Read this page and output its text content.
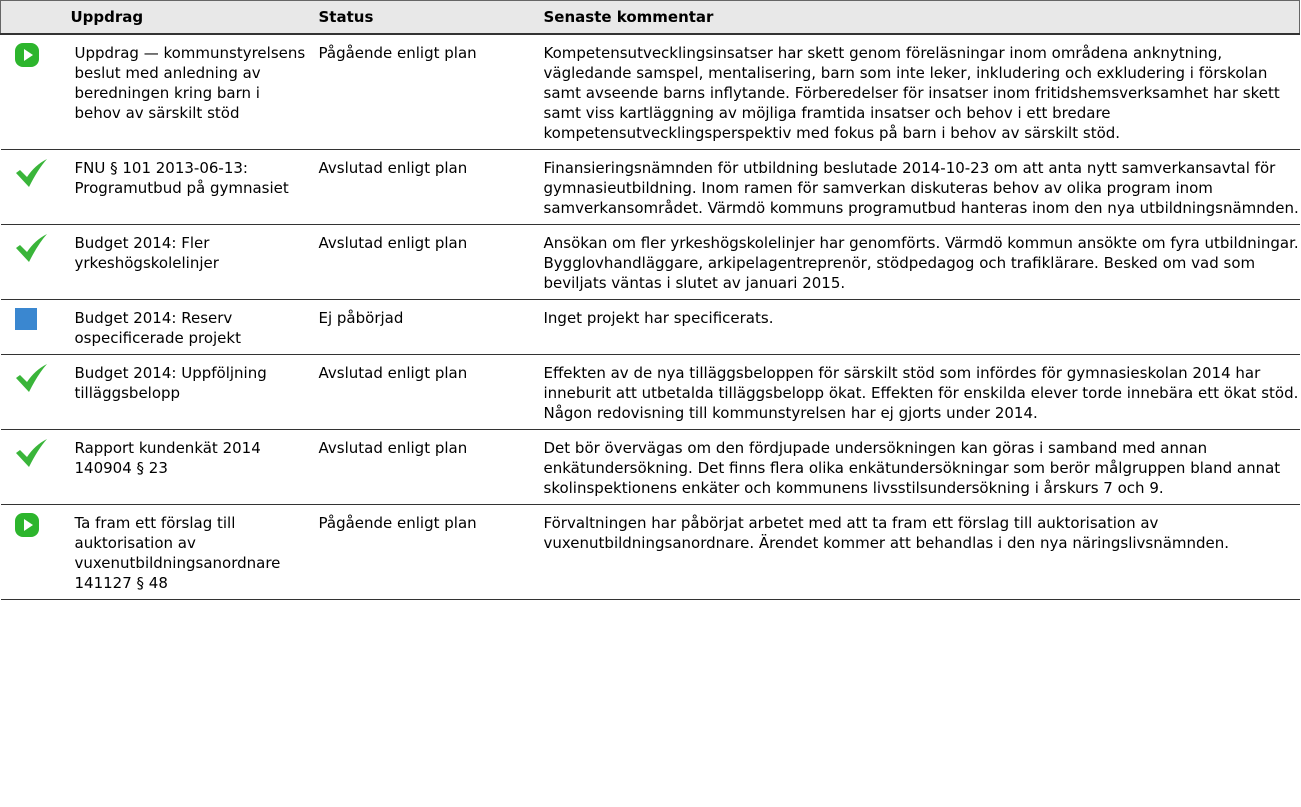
	Uppdrag	Status	Senaste kommentar

	Uppdrag — kommunstyrelsens beslut med anledning av beredningen kring barn i behov av särskilt stöd	Pågående enligt plan	Kompetensutvecklingsinsatser har skett genom föreläsningar inom områdena anknytning, vägledande samspel, mentalisering, barn som inte leker, inkludering och exkludering i förskolan samt avseende barns inflytande. Förberedelser för insatser inom fritidshemsverksamhet har skett samt viss kartläggning av möjliga framtida insatser och behov i ett bredare kompetensutvecklingsperspektiv med fokus på barn i behov av särskilt stöd.

	FNU § 101 2013-06-13: Programutbud på gymnasiet	Avslutad enligt plan	Finansieringsnämnden för utbildning beslutade 2014-10-23 om att anta nytt samverkansavtal för gymnasieutbildning. Inom ramen för samverkan diskuteras behov av olika program inom samverkansområdet. Värmdö kommuns programutbud hanteras inom den nya utbildningsnämnden.

	Budget 2014: Fler yrkeshögskolelinjer	Avslutad enligt plan	Ansökan om fler yrkeshögskolelinjer har genomförts. Värmdö kommun ansökte om fyra utbildningar. Bygglovhandläggare, arkipelagentreprenör, stödpedagog och trafiklärare. Besked om vad som beviljats väntas i slutet av januari 2015.

	Budget 2014: Reserv ospecificerade projekt	Ej påbörjad	Inget projekt har specificerats.

	Budget 2014: Uppföljning tilläggsbelopp	Avslutad enligt plan	Effekten av de nya tilläggsbeloppen för särskilt stöd som infördes för gymnasieskolan 2014 har inneburit att utbetalda tilläggsbelopp ökat. Effekten för enskilda elever torde innebära ett ökat stöd. Någon redovisning till kommunstyrelsen har ej gjorts under 2014.

	Rapport kundenkät 2014 140904 § 23	Avslutad enligt plan	Det bör övervägas om den fördjupade undersökningen kan göras i samband med annan enkätundersökning. Det finns flera olika enkätundersökningar som berör målgruppen bland annat skolinspektionens enkäter och kommunens livsstilsundersökning i årskurs 7 och 9.

	Ta fram ett förslag till auktorisation av vuxenutbildningsanordnare 141127 § 48	Pågående enligt plan	Förvaltningen har påbörjat arbetet med att ta fram ett förslag till auktorisation av vuxenutbildningsanordnare. Ärendet kommer att behandlas i den nya näringslivsnämnden.
